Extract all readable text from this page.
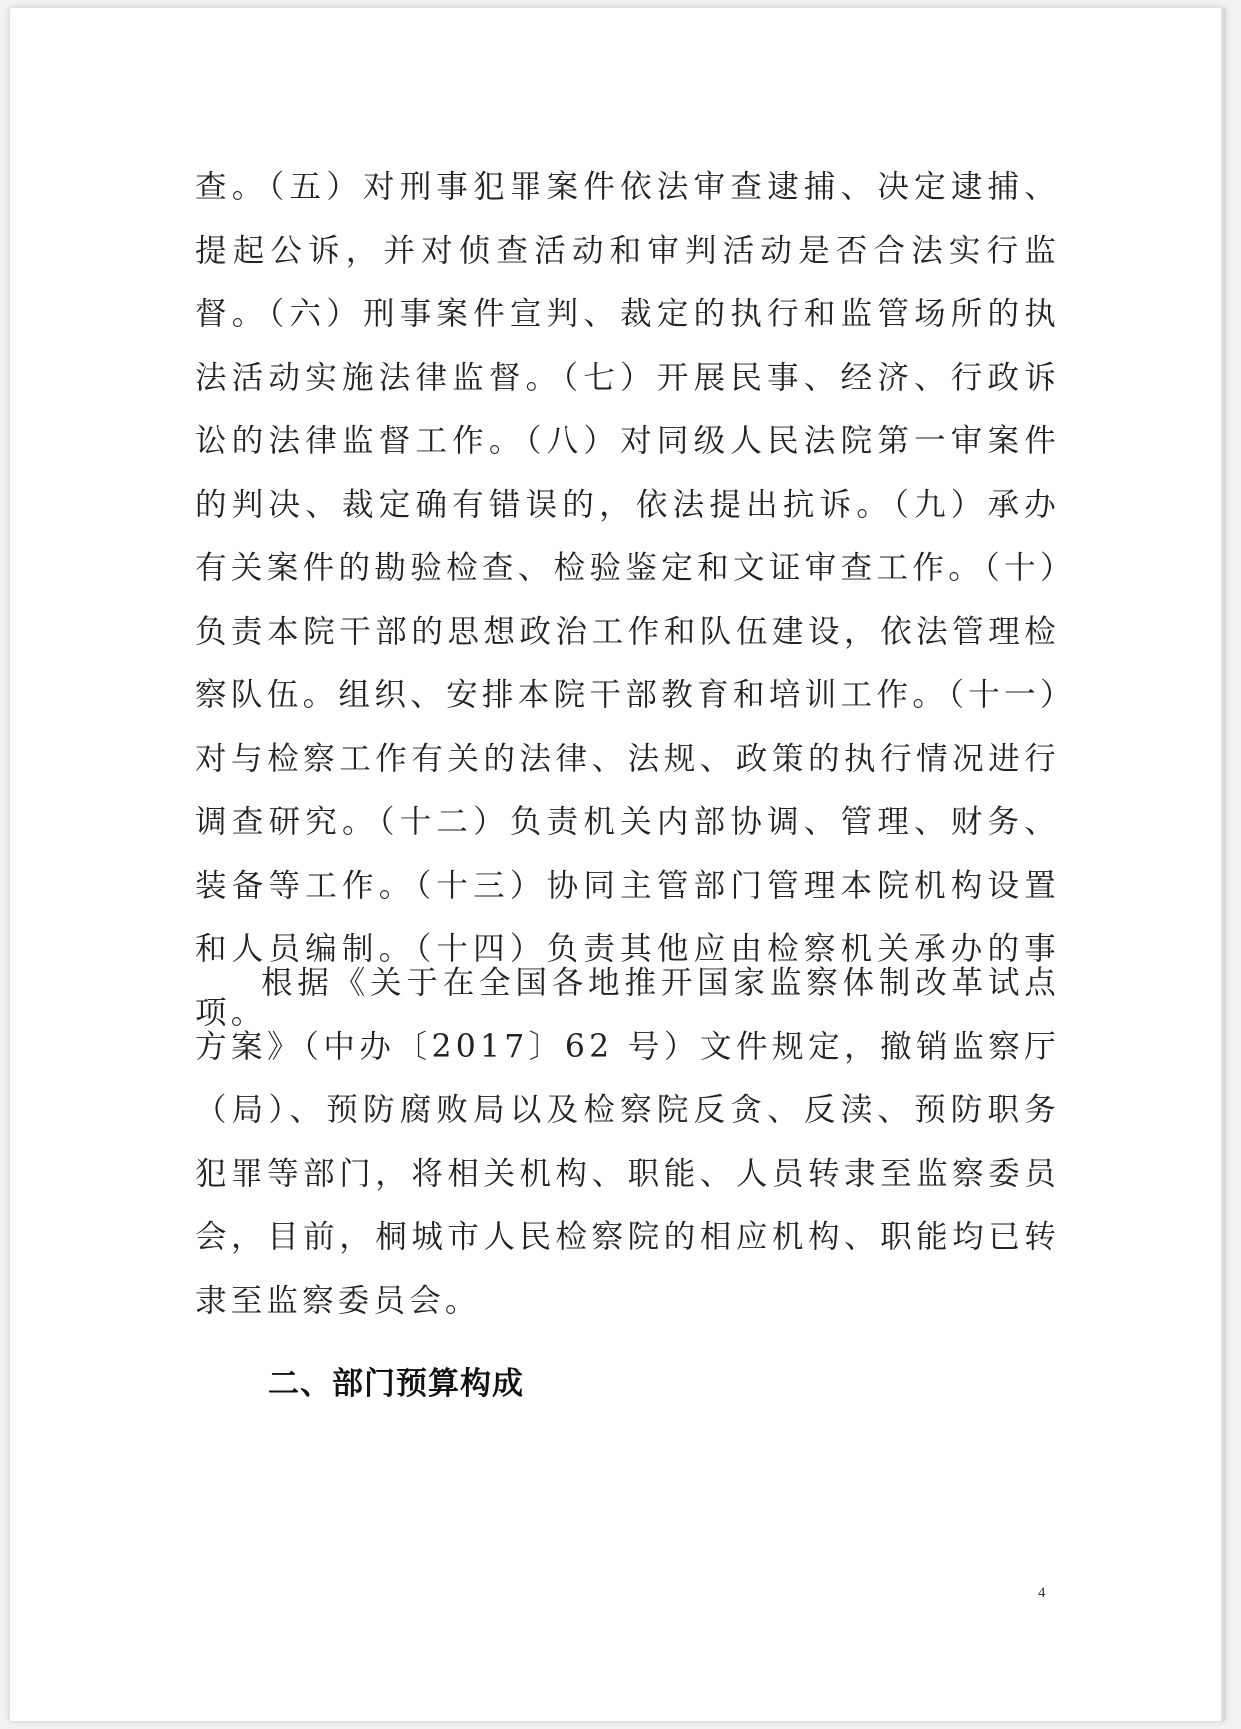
查。（五）对刑事犯罪案件依法审查逮捕、决定逮捕、提起公诉，并对侦查活动和审判活动是否合法实行监督。（六）刑事案件宣判、裁定的执行和监管场所的执法活动实施法律监督。（七）开展民事、经济、行政诉讼的法律监督工作。（八）对同级人民法院第一审案件的判决、裁定确有错误的，依法提出抗诉。（九）承办有关案件的勘验检查、检验鉴定和文证审查工作。（十）负责本院干部的思想政治工作和队伍建设，依法管理检察队伍。组织、安排本院干部教育和培训工作。（十一）对与检察工作有关的法律、法规、政策的执行情况进行调查研究。（十二）负责机关内部协调、管理、财务、装备等工作。（十三）协同主管部门管理本院机构设置和人员编制。（十四）负责其他应由检察机关承办的事项。
根据《关于在全国各地推开国家监察体制改革试点方案》（中办〔2017〕62 号）文件规定，撤销监察厅（局）、预防腐败局以及检察院反贪、反渎、预防职务犯罪等部门，将相关机构、职能、人员转隶至监察委员会，目前，桐城市人民检察院的相应机构、职能均已转隶至监察委员会。
二、部门预算构成
4
